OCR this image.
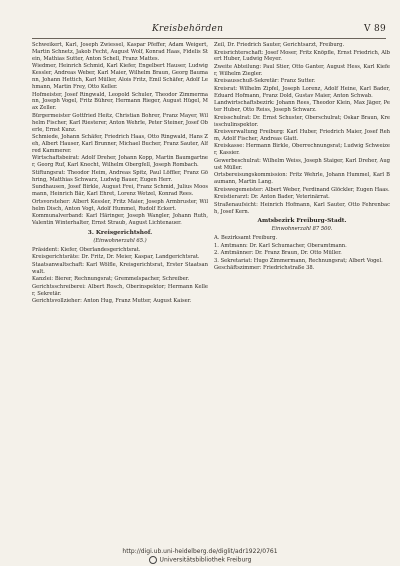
Kreisbehörden	V 89

Schweikert, Karl, Joseph Zwiessel, Kaspar Pfeffer, Adam Weigert, Martin Schnetz, Jakob Fecht, August Wolf, Konrad Haas, Fidelis Stein, Mathias Sutter, Anton Schell, Franz Mattes.

Wiedmer, Heinrich Schmid, Karl Kiefer, Engelbert Hauser, Ludwig Kessler, Andreas Weber, Karl Maier, Wilhelm Braun, Georg Baumann, Johann Hettich, Karl Müller, Alois Fritz, Emil Schäfer, Adolf Lehmann, Martin Frey, Otto Keller.

Hofmeister, Josef Ringwald, Leopold Schuler, Theodor Zimmermann, Joseph Vogel, Fritz Bührer, Hermann Rieger, August Hügel, Max Zeller.

Bürgermeister Gottfried Heitz, Christian Bohrer, Franz Mayer, Wilhelm Fischer, Karl Riesterer, Anton Wehrle, Peter Steiner, Josef Oberle, Ernst Kunz.

Schmiede, Johann Schäfer, Friedrich Haas, Otto Ringwald, Hans Zeh, Albert Hauser, Karl Brunner, Michael Bucher, Franz Sauter, Alfred Kammerer.

Wirtschaftsbeirat: Adolf Dreher, Johann Kopp, Martin Baumgartner, Georg Ruf, Karl Knecht, Wilhelm Obergfell, Joseph Rombach.

Stiftungsrat: Theodor Heim, Andreas Spitz, Paul Löffler, Franz Göhring, Matthias Schwarz, Ludwig Bauer, Eugen Herr.

Sundhausen, Josef Birkle, August Frei, Franz Schmid, Julius Moosmann, Heinrich Bär, Karl Ehret, Lorenz Wetzel, Konrad Rees.

Ortsvorsteher: Albert Kessler, Fritz Maier, Joseph Armbruster, Wilhelm Disch, Anton Vogt, Adolf Hummel, Rudolf Eckert.

Kommunalverband: Karl Häringer, Joseph Wangler, Johann Ruth, Valentin Winterhalter, Ernst Straub, August Lichtenauer.

3. Kreisgerichtshof.

(Einwohnerzahl 65.)

Präsident: Kiefer, Oberlandesgerichtsrat.

Kreisgerichtsräte: Dr. Fritz, Dr. Meier, Kaspar, Landgerichtsrat.

Staatsanwaltschaft: Karl Wölfle, Kreisgerichtsrat, Erster Staatsanwalt.

Kanzlei: Bierer, Rechnungsrat; Gremmelspacher, Schreiber.

Gerichtsschreiberei: Albert Rosch, Oberinspektor; Hermann Keller, Sekretär.

Gerichtsvollzieher: Anton Hug, Franz Mutter, August Kaiser.

Zeil, Dr. Friedrich Sauter, Gerichtsarzt, Freiburg.

Kreisrichterschaft: Josef Moser, Fritz Knöpfle, Ernst Friedrich, Albert Huber, Ludwig Meyer.

Zweite Abteilung: Paul Stier, Otto Ganter, August Hess, Karl Kiefer, Wilhelm Ziegler.

Kreisausschuß-Sekretär: Franz Sutter.

Kreisrat: Wilhelm Zipfel, Joseph Lorenz, Adolf Heine, Karl Bader, Eduard Hofmann, Franz Dold, Gustav Maier, Anton Schwab.

Landwirtschaftsbezirk: Johann Rees, Theodor Klein, Max Jäger, Peter Huber, Otto Reiss, Joseph Schwarz.

Kreisschulrat: Dr. Ernst Schuster, Oberschulrat; Oskar Braun, Kreisschulinspektor.

Kreisverwaltung Freiburg: Karl Huber, Friedrich Maier, Josef Rehm, Adolf Fischer, Andreas Glatt.

Kreiskasse: Hermann Birkle, Oberrechnungsrat; Ludwig Schweizer, Kassier.

Gewerbeschulrat: Wilhelm Weiss, Joseph Staiger, Karl Dreher, August Müller.

Ortsbereisungskommission: Fritz Wehrle, Johann Hummel, Karl Baumann, Martin Lang.

Kreiswegemeister: Albert Weber, Ferdinand Glöckler, Eugen Haas.

Kreistierarzt: Dr. Anton Bader, Veterinärrat.

Straßenaufsicht: Heinrich Hofmann, Karl Sauter, Otto Fehrenbach, Josef Kern.

Amtsbezirk Freiburg-Stadt.

Einwohnerzahl 87 500.

A. Bezirksamt Freiburg.

1. Amtmann: Dr. Karl Schumacher, Oberamtmann.

2. Amtmänner: Dr. Franz Braun, Dr. Otto Müller.

3. Sekretariat: Hugo Zimmermann, Rechnungsrat; Albert Vogel.

Geschäftszimmer: Friedrichstraße 38.

http://digi.ub.uni-heidelberg.de/diglit/adr1922/0761
Universitätsbibliothek Freiburg
